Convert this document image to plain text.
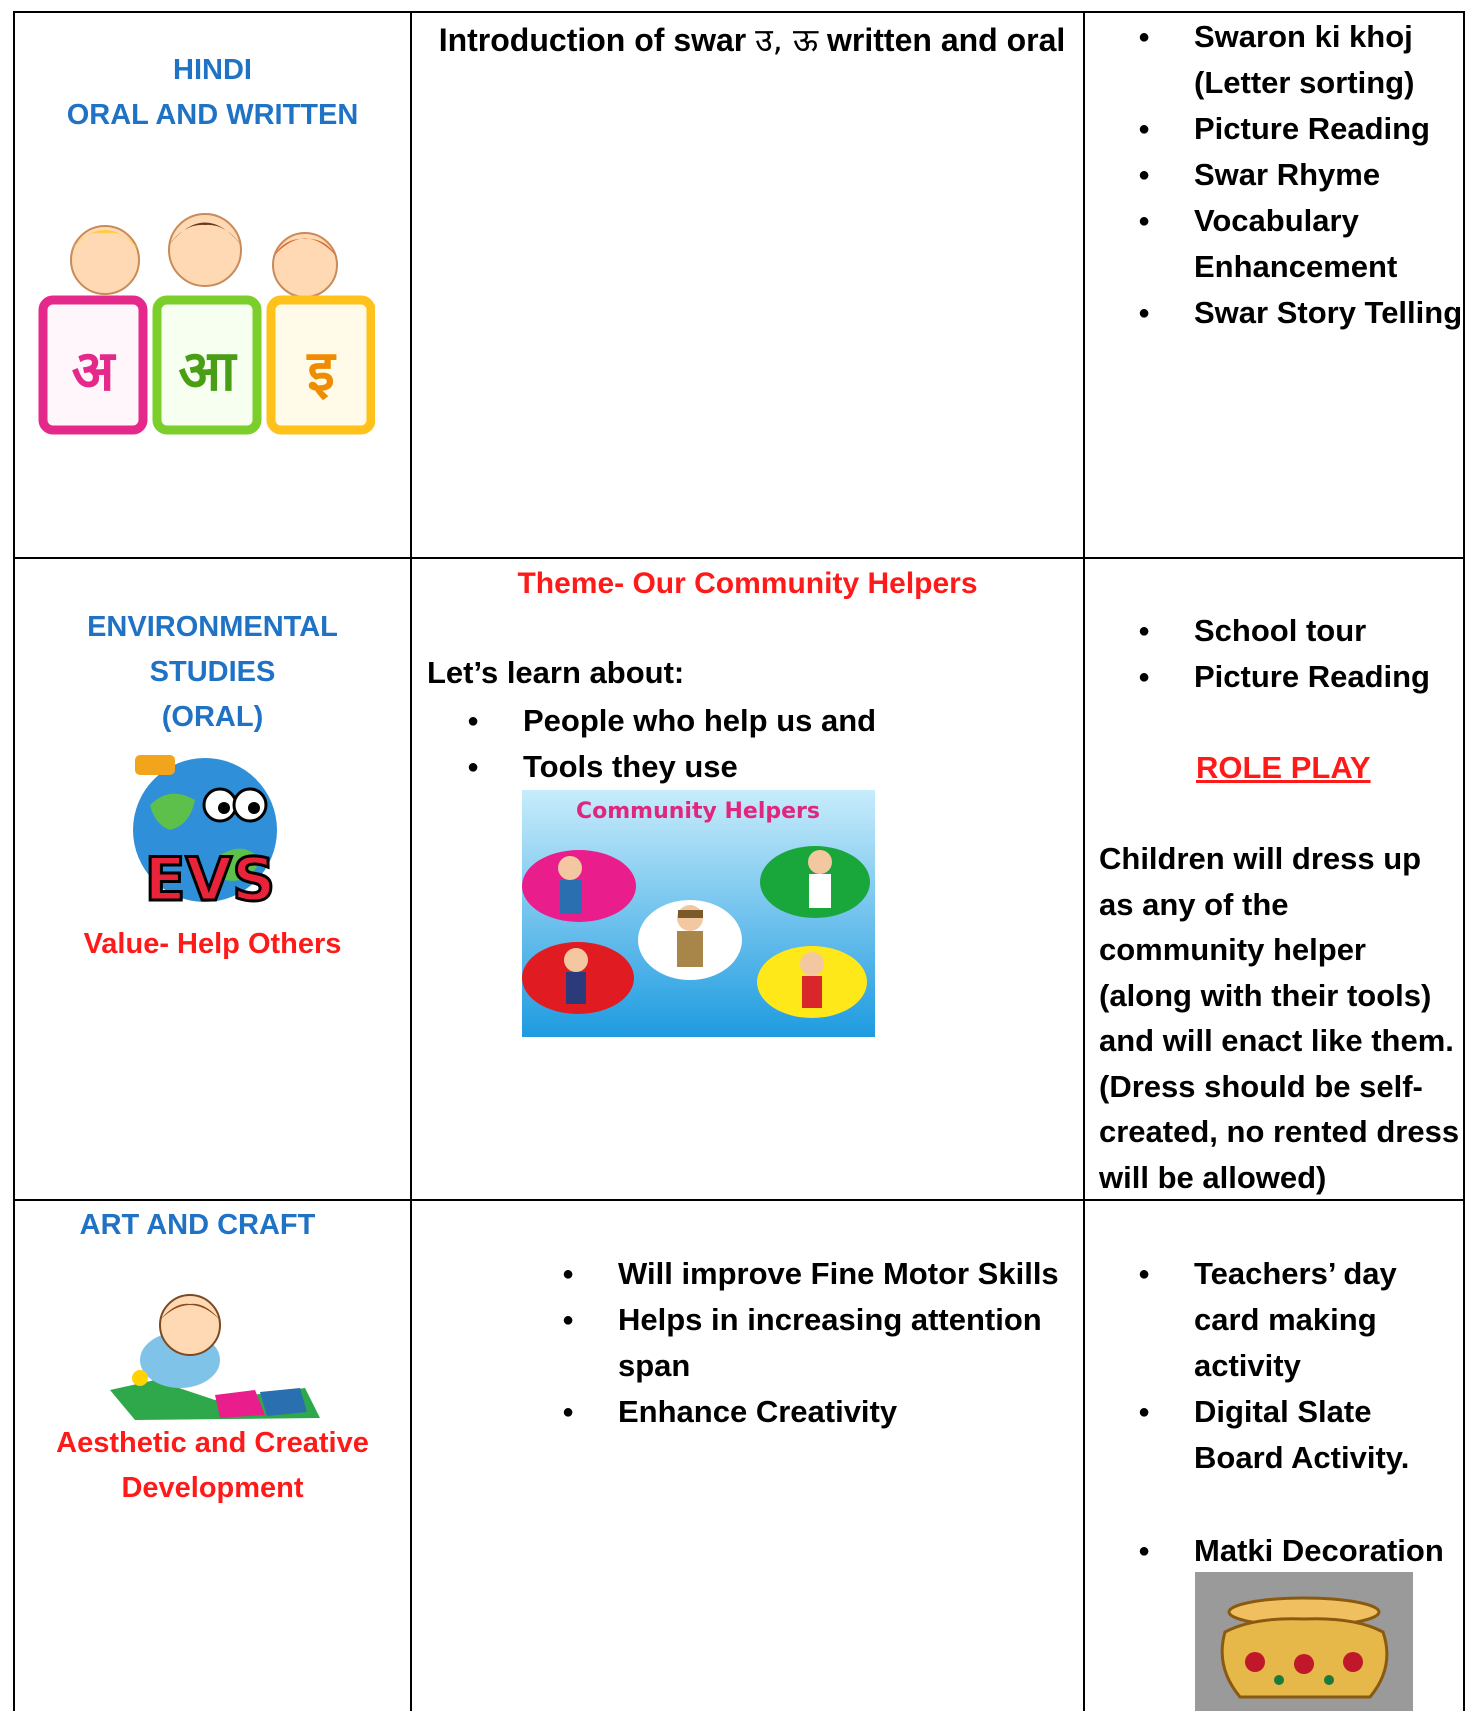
HINDI
ORAL AND WRITTEN
अ आ इ
Introduction of swar उ, ऊ written and oral	● Swaron ki khoj (Letter sorting)
● Picture Reading
● Swar Rhyme
● Vocabulary Enhancement
● Swar Story Telling
ENVIRONMENTAL
STUDIES
(ORAL)
EVS
Value- Help Others
Theme- Our Community Helpers
Let’s learn about:
● People who help us and
● Tools they use
Community Helpers
● School tour
● Picture Reading
ROLE PLAY
Children will dress up as any of the community helper (along with their tools) and will enact like them.(Dress should be self-created, no rented dress will be allowed)
ART AND CRAFT
Aesthetic and Creative
Development
● Will improve Fine Motor Skills
● Helps in increasing attention span
● Enhance Creativity
● Teachers’ day card making activity
● Digital Slate Board Activity.
● Matki Decoration
